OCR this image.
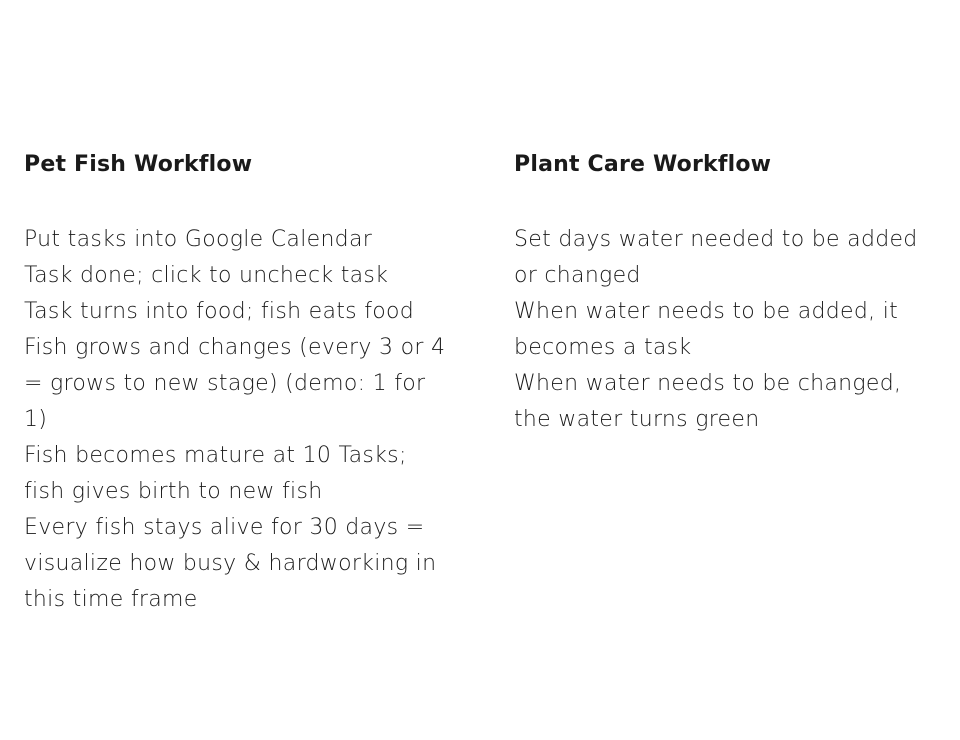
Pet Fish Workflow
Put tasks into Google Calendar
Task done; click to uncheck task
Task turns into food; fish eats food
Fish grows and changes (every 3 or 4 = grows to new stage) (demo: 1 for 1)
Fish becomes mature at 10 Tasks; fish gives birth to new fish
Every fish stays alive for 30 days = visualize how busy & hardworking in this time frame
Plant Care Workflow
Set days water needed to be added or changed
When water needs to be added, it becomes a task
When water needs to be changed, the water turns green
